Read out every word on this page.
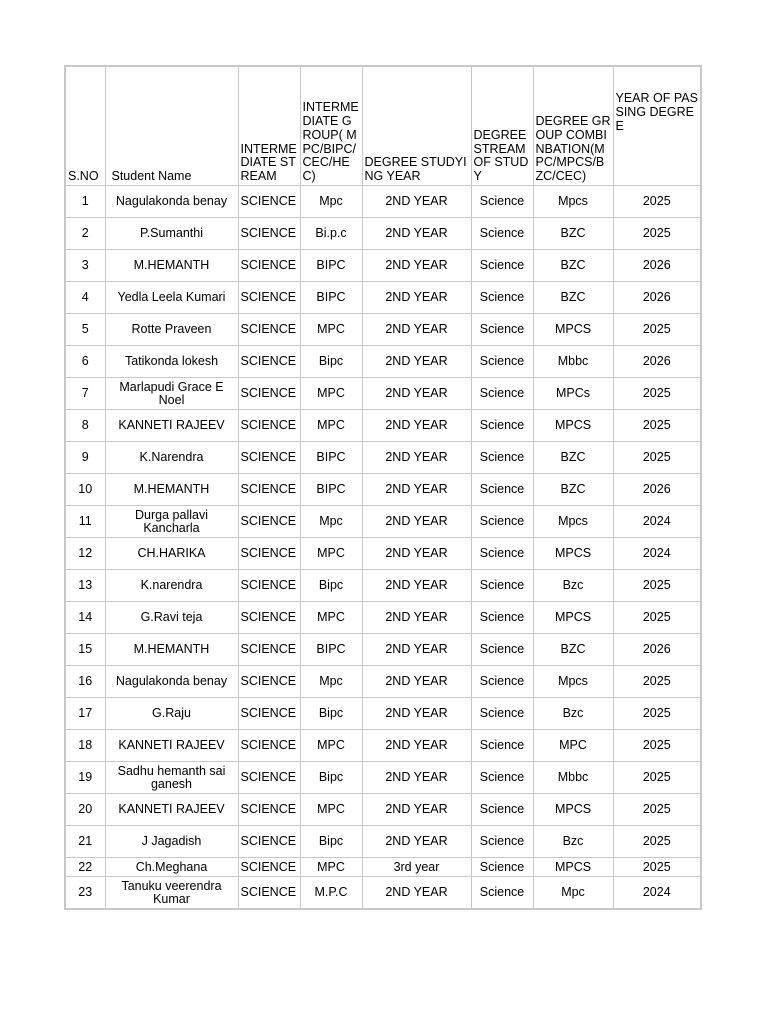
S.NO	Student Name	INTERMEDIATE STREAM	INTERMEDIATE GROUP( MPC/BIPC/CEC/HEC)	DEGREE STUDYING YEAR	DEGREE STREAM OF STUDY	DEGREE GROUP COMBINBATION(MPC/MPCS/BZC/CEC)	YEAR OF PASSING DEGREE
1	Nagulakonda benay	SCIENCE	Mpc	2ND YEAR	Science	Mpcs	2025
2	P.Sumanthi	SCIENCE	Bi.p.c	2ND YEAR	Science	BZC	2025
3	M.HEMANTH	SCIENCE	BIPC	2ND YEAR	Science	BZC	2026
4	Yedla Leela Kumari	SCIENCE	BIPC	2ND YEAR	Science	BZC	2026
5	Rotte Praveen	SCIENCE	MPC	2ND YEAR	Science	MPCS	2025
6	Tatikonda lokesh	SCIENCE	Bipc	2ND YEAR	Science	Mbbc	2026
7	Marlapudi Grace E Noel	SCIENCE	MPC	2ND YEAR	Science	MPCs	2025
8	KANNETI RAJEEV	SCIENCE	MPC	2ND YEAR	Science	MPCS	2025
9	K.Narendra	SCIENCE	BIPC	2ND YEAR	Science	BZC	2025
10	M.HEMANTH	SCIENCE	BIPC	2ND YEAR	Science	BZC	2026
11	Durga pallavi Kancharla	SCIENCE	Mpc	2ND YEAR	Science	Mpcs	2024
12	CH.HARIKA	SCIENCE	MPC	2ND YEAR	Science	MPCS	2024
13	K.narendra	SCIENCE	Bipc	2ND YEAR	Science	Bzc	2025
14	G.Ravi teja	SCIENCE	MPC	2ND YEAR	Science	MPCS	2025
15	M.HEMANTH	SCIENCE	BIPC	2ND YEAR	Science	BZC	2026
16	Nagulakonda benay	SCIENCE	Mpc	2ND YEAR	Science	Mpcs	2025
17	G.Raju	SCIENCE	Bipc	2ND YEAR	Science	Bzc	2025
18	KANNETI RAJEEV	SCIENCE	MPC	2ND YEAR	Science	MPC	2025
19	Sadhu hemanth sai ganesh	SCIENCE	Bipc	2ND YEAR	Science	Mbbc	2025
20	KANNETI RAJEEV	SCIENCE	MPC	2ND YEAR	Science	MPCS	2025
21	J Jagadish	SCIENCE	Bipc	2ND YEAR	Science	Bzc	2025
22	Ch.Meghana	SCIENCE	MPC	3rd year	Science	MPCS	2025
23	Tanuku veerendra Kumar	SCIENCE	M.P.C	2ND YEAR	Science	Mpc	2024
